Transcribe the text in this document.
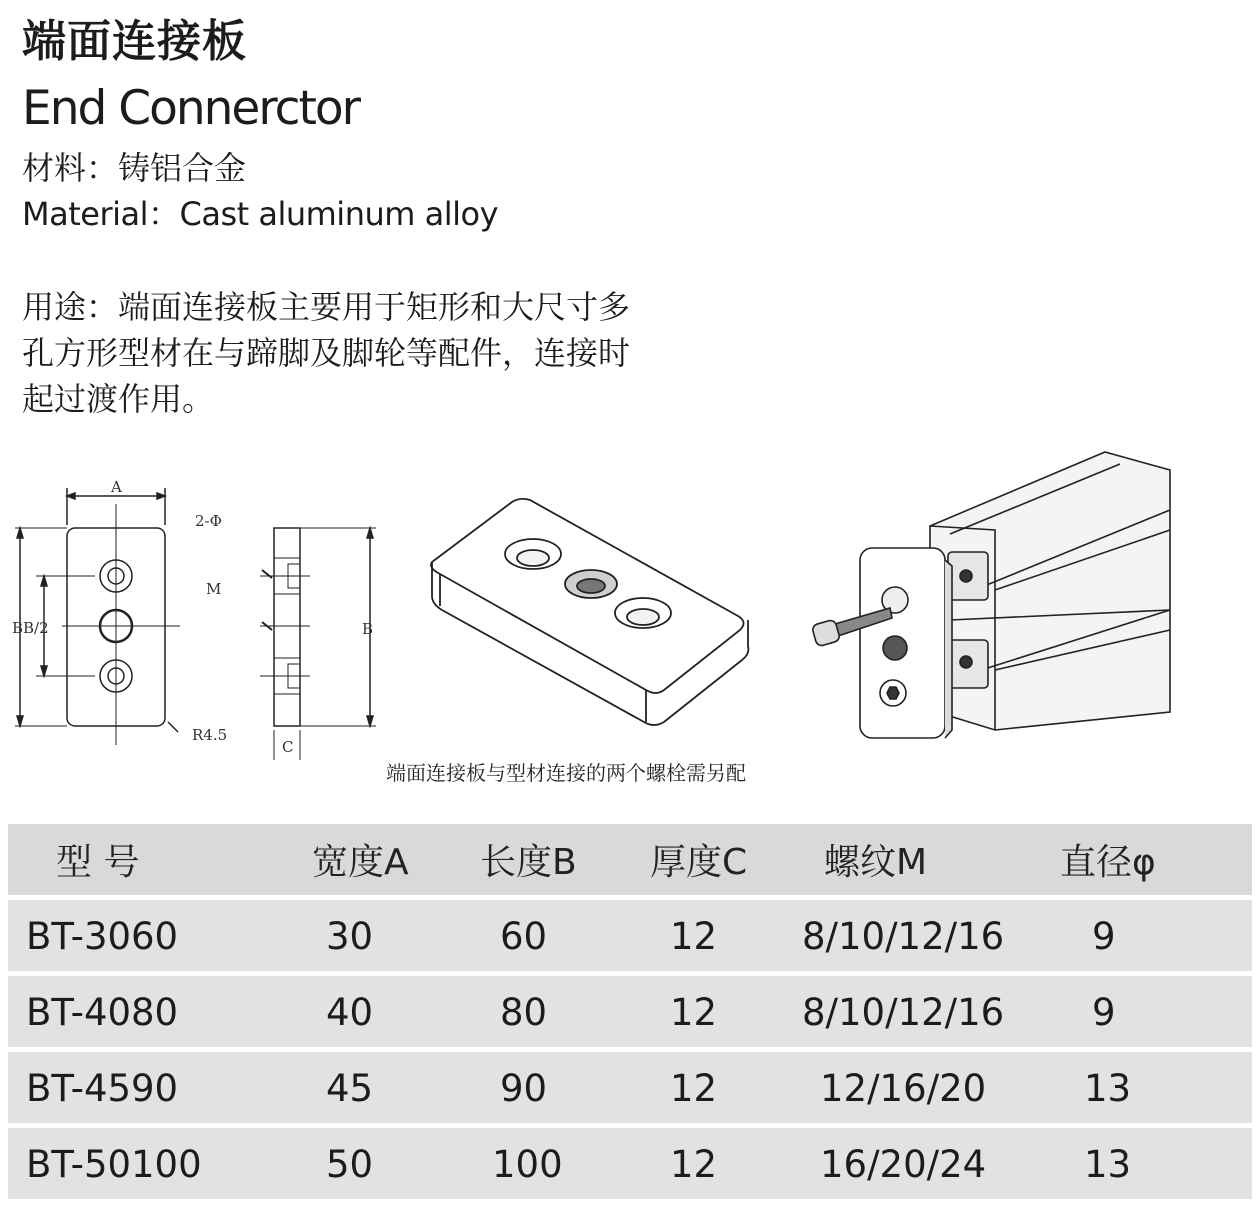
端面连接板
End Connerctor
材料：铸铝合金
Material：Cast aluminum alloy
用途：端面连接板主要用于矩形和大尺寸多
孔方形型材在与蹄脚及脚轮等配件，连接时
起过渡作用。
A
2-Φ
M
BB/2
R4.5
B
C
端面连接板与型材连接的两个螺栓需另配
型 号	宽度A 长度B 厚度C 螺纹M	直径φ
BT-3060	30	60	12 8/10/12/16 9
BT-4080	40	80	12 8/10/12/16 9
BT-4590	45	90	12	12/16/20	13
BT-50100	50	100	12	16/20/24	13
